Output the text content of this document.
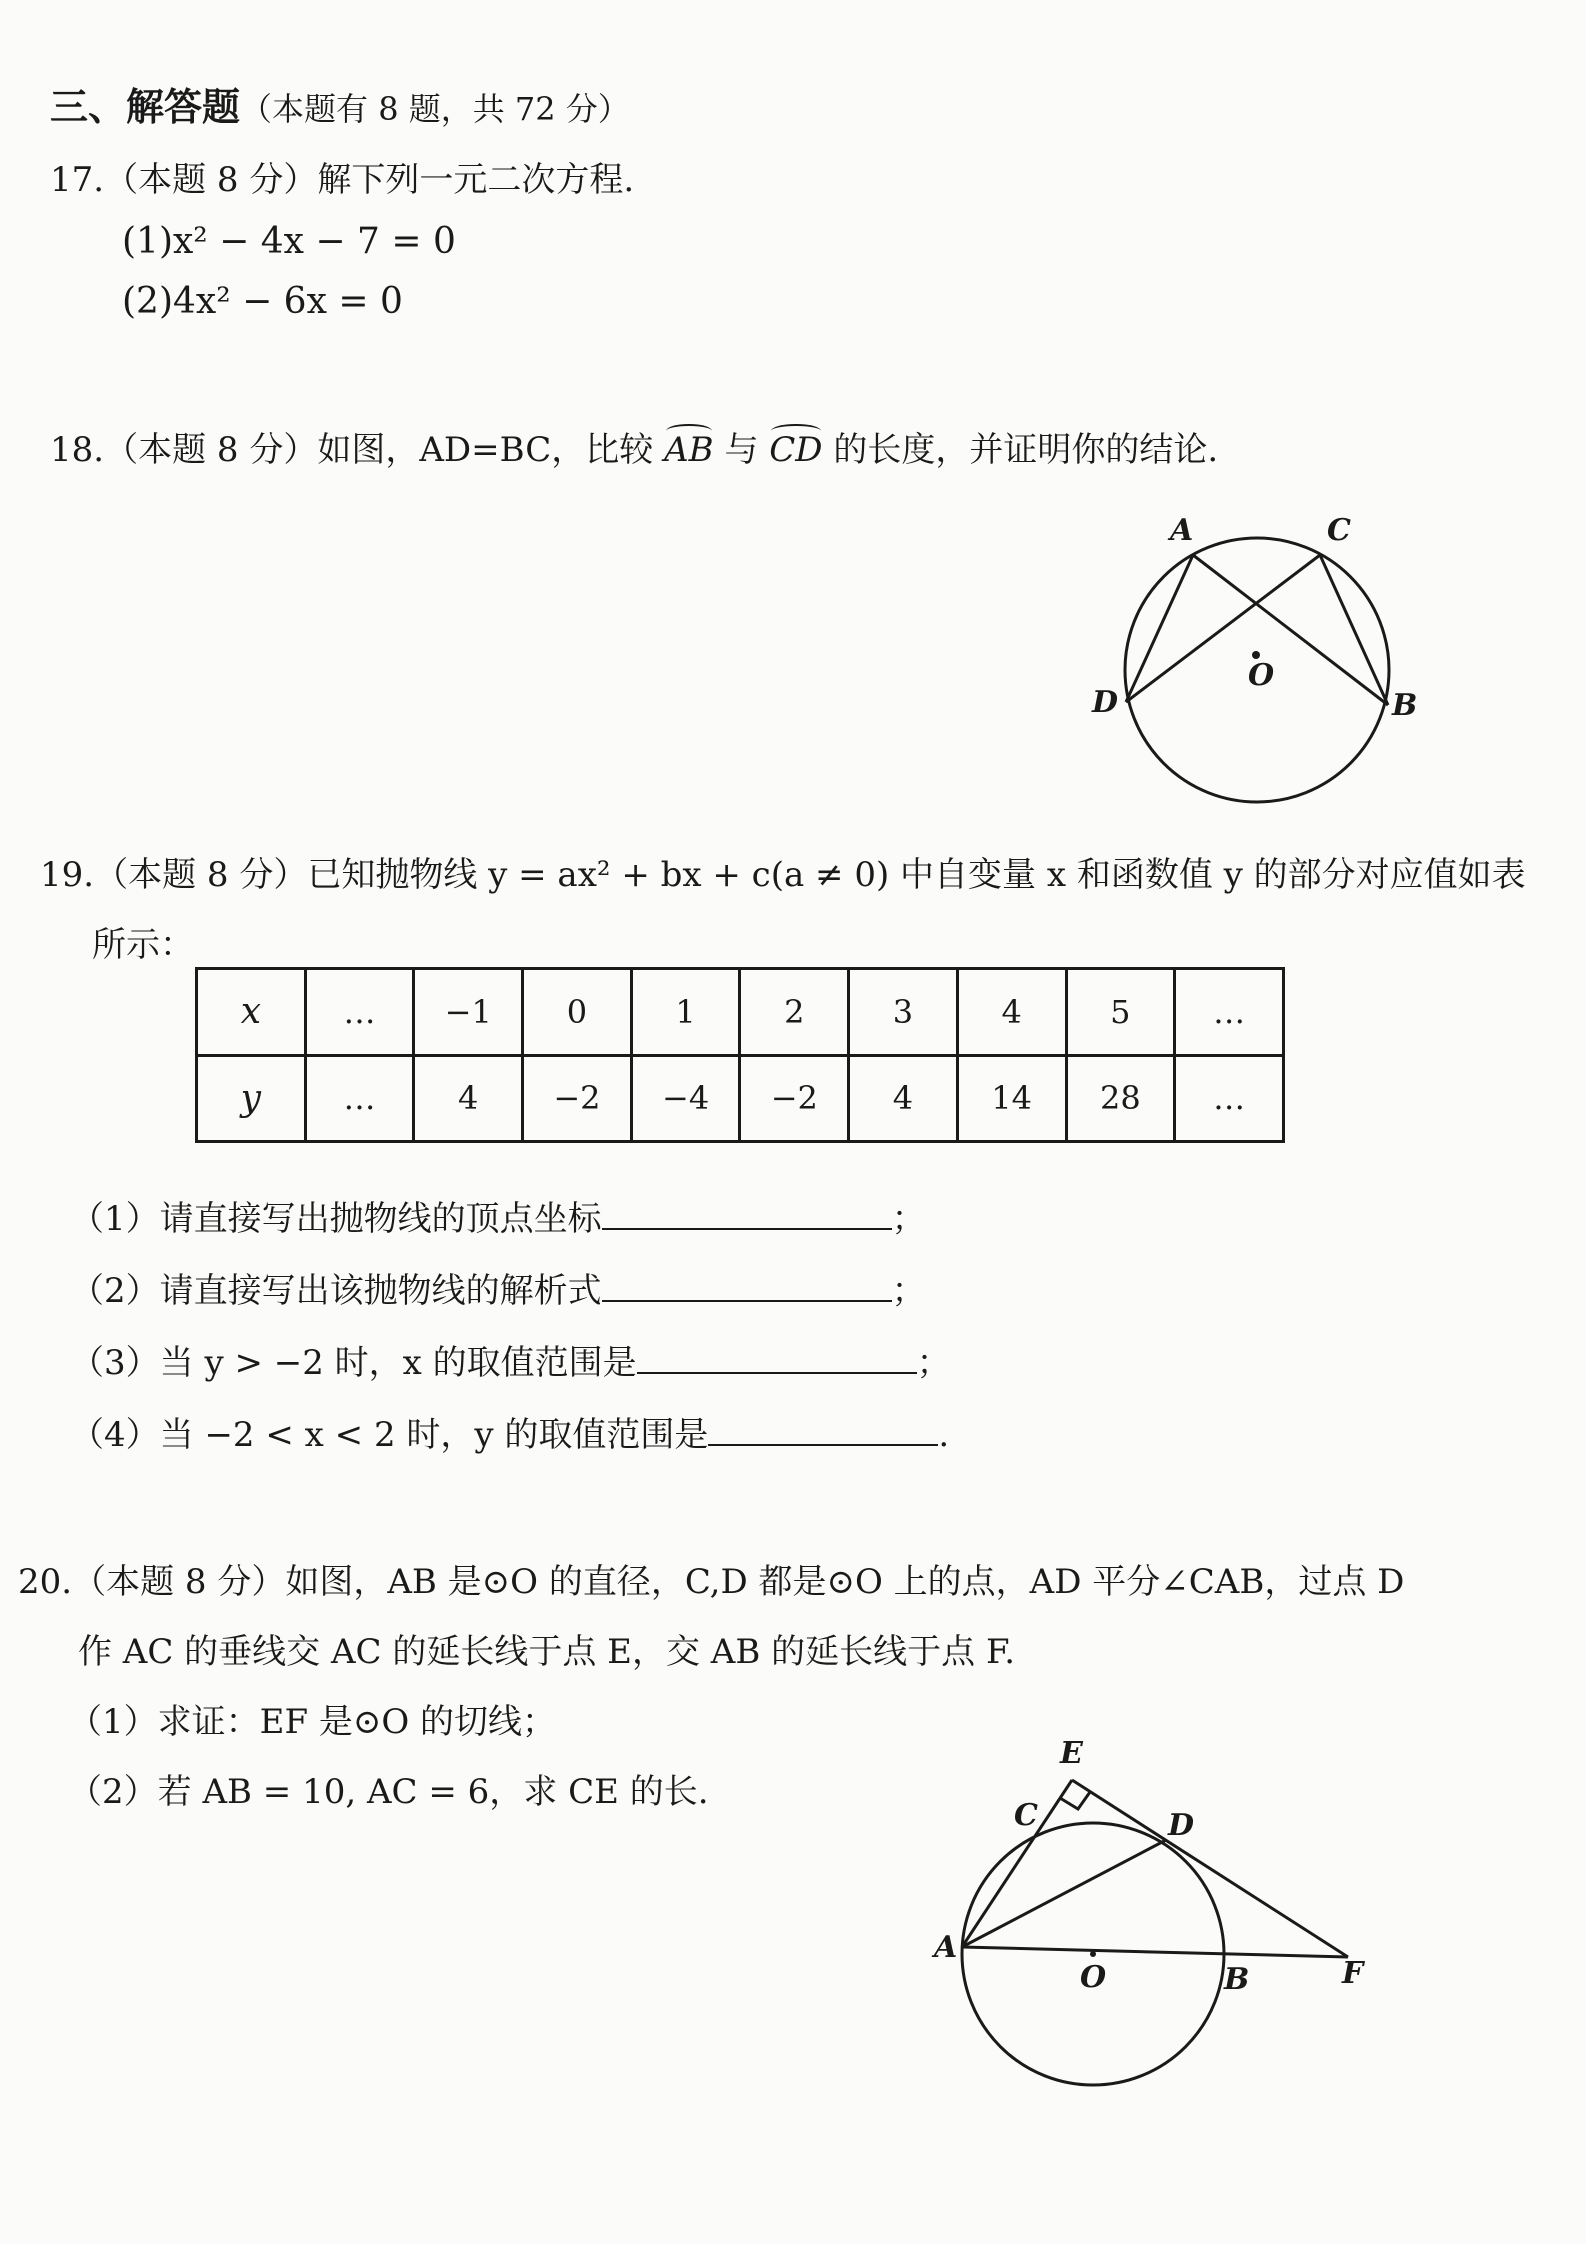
三、解答题（本题有 8 题，共 72 分）
17.（本题 8 分）解下列一元二次方程.
(1)x² − 4x − 7 = 0
(2)4x² − 6x = 0
18.（本题 8 分）如图，AD=BC，比较 AB 与 CD 的长度，并证明你的结论.
A	C
O
D	B
19.（本题 8 分）已知抛物线 y = ax² + bx + c(a ≠ 0) 中自变量 x 和函数值 y 的部分对应值如表
所示：
x	…	−1	0	1	2	3	4	5	…
y	…	4	−2	−4	−2	4	14	28	…
（1）请直接写出抛物线的顶点坐标	；
（2）请直接写出该抛物线的解析式	；
（3）当 y > −2 时，x 的取值范围是	；
（4）当 −2 < x < 2 时，y 的取值范围是	.
20.（本题 8 分）如图，AB 是⊙O 的直径，C,D 都是⊙O 上的点，AD 平分∠CAB，过点 D
作 AC 的垂线交 AC 的延长线于点 E，交 AB 的延长线于点 F.
（1）求证：EF 是⊙O 的切线；
（2）若 AB = 10, AC = 6，求 CE 的长.
E
C	D
A
O	B	F
